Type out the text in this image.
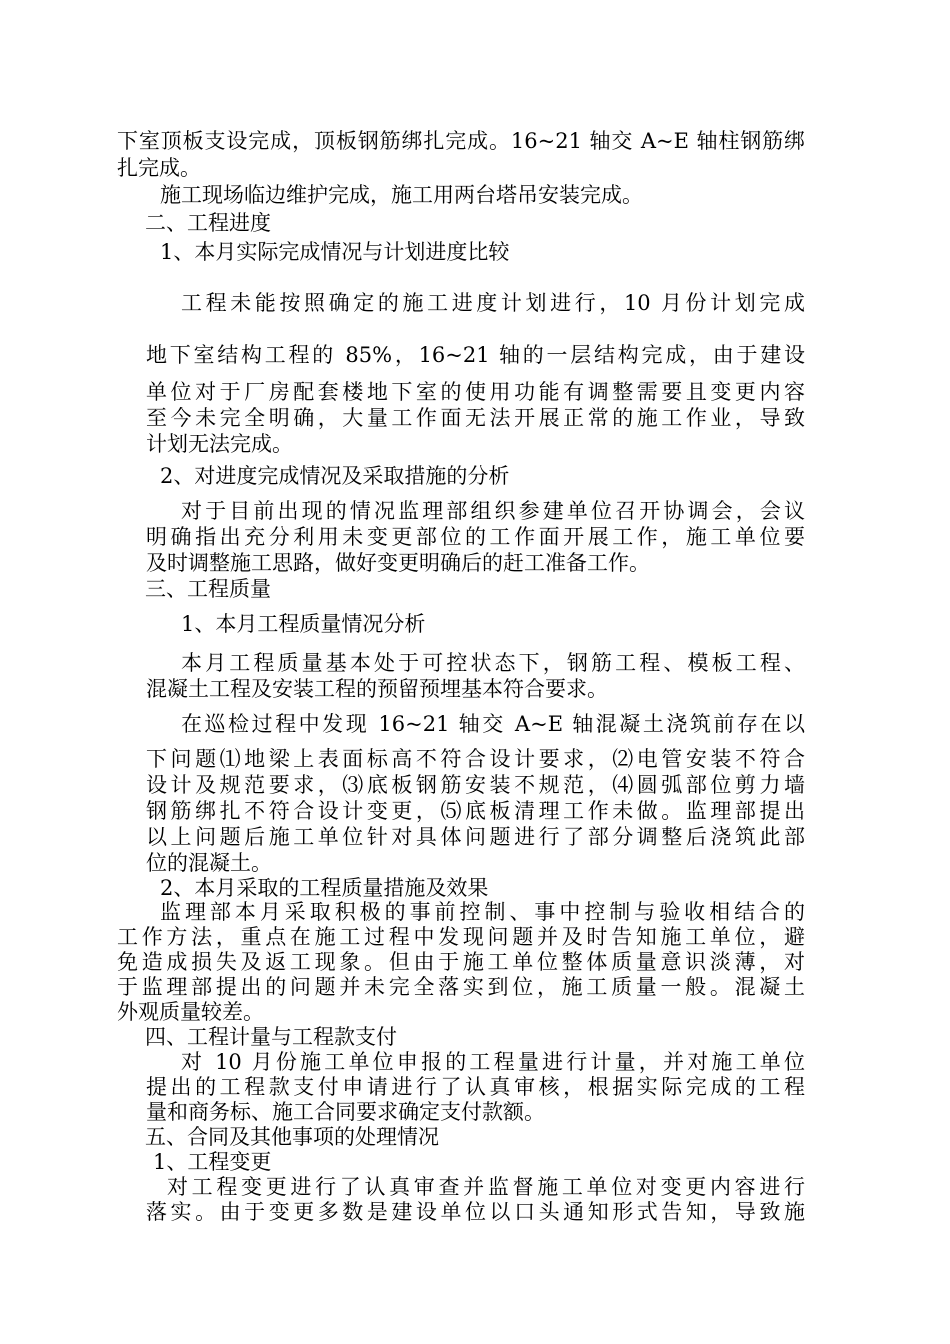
下室顶板支设完成，顶板钢筋绑扎完成。16~21 轴交 A~E 轴柱钢筋绑
扎完成。
施工现场临边维护完成，施工用两台塔吊安装完成。
二、工程进度
1、本月实际完成情况与计划进度比较
工程未能按照确定的施工进度计划进行，10 月份计划完成
地下室结构工程的 85%，16~21 轴的一层结构完成，由于建设
单位对于厂房配套楼地下室的使用功能有调整需要且变更内容
至今未完全明确，大量工作面无法开展正常的施工作业，导致
计划无法完成。
2、对进度完成情况及采取措施的分析
对于目前出现的情况监理部组织参建单位召开协调会，会议
明确指出充分利用未变更部位的工作面开展工作，施工单位要
及时调整施工思路，做好变更明确后的赶工准备工作。
三、工程质量
1、本月工程质量情况分析
本月工程质量基本处于可控状态下，钢筋工程、模板工程、
混凝土工程及安装工程的预留预埋基本符合要求。
在巡检过程中发现 16~21 轴交 A~E 轴混凝土浇筑前存在以
下问题⑴地梁上表面标高不符合设计要求，⑵电管安装不符合
设计及规范要求，⑶底板钢筋安装不规范，⑷圆弧部位剪力墙
钢筋绑扎不符合设计变更，⑸底板清理工作未做。监理部提出
以上问题后施工单位针对具体问题进行了部分调整后浇筑此部
位的混凝土。
2、本月采取的工程质量措施及效果
监理部本月采取积极的事前控制、事中控制与验收相结合的
工作方法，重点在施工过程中发现问题并及时告知施工单位，避
免造成损失及返工现象。但由于施工单位整体质量意识淡薄，对
于监理部提出的问题并未完全落实到位，施工质量一般。混凝土
外观质量较差。
四、工程计量与工程款支付
对 10 月份施工单位申报的工程量进行计量，并对施工单位
提出的工程款支付申请进行了认真审核，根据实际完成的工程
量和商务标、施工合同要求确定支付款额。
五、合同及其他事项的处理情况
1、工程变更
对工程变更进行了认真审查并监督施工单位对变更内容进行
落实。由于变更多数是建设单位以口头通知形式告知，导致施
